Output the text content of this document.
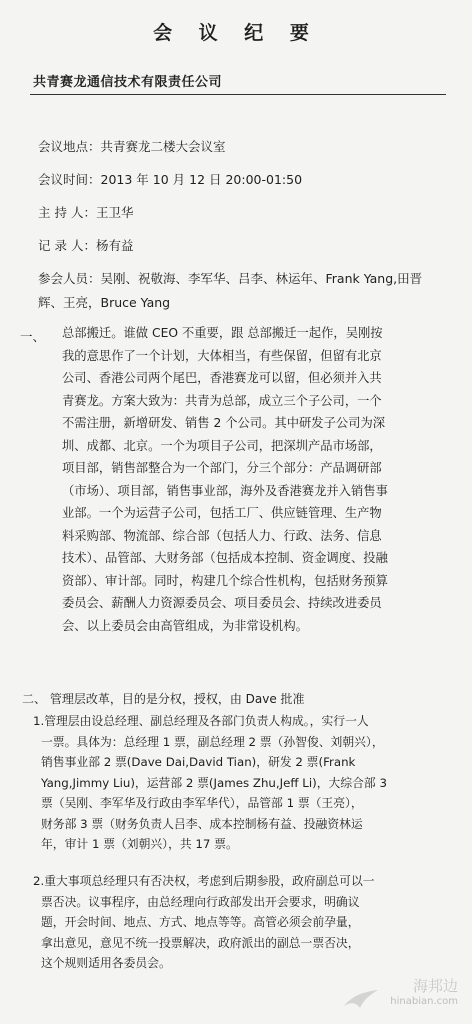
会 议 纪 要
共青赛龙通信技术有限责任公司
会议地点：共青赛龙二楼大会议室
会议时间：2013 年 10 月 12 日 20:00-01:50
主 持 人：王卫华
记 录 人：杨有益
参会人员：吴刚、祝敬海、李军华、吕李、林运年、Frank Yang,田晋
辉、王亮，Bruce Yang
一、 总部搬迁。谁做 CEO 不重要，跟 总部搬迁一起作，吴刚按
我的意思作了一个计划，大体相当，有些保留，但留有北京
公司、香港公司两个尾巴，香港赛龙可以留，但必须并入共
青赛龙。方案大致为：共青为总部，成立三个子公司，一个
不需注册，新增研发、销售 2 个公司。其中研发子公司为深
圳、成都、北京。一个为项目子公司，把深圳产品市场部，
项目部，销售部整合为一个部门，分三个部分：产品调研部
（市场）、项目部，销售事业部，海外及香港赛龙并入销售事
业部。一个为运营子公司，包括工厂、供应链管理、生产物
料采购部、物流部、综合部（包括人力、行政、法务、信息
技术）、品管部、大财务部（包括成本控制、资金调度、投融
资部）、审计部。同时，构建几个综合性机构，包括财务预算
委员会、薪酬人力资源委员会、项目委员会、持续改进委员
会、以上委员会由高管组成，为非常设机构。
二、 管理层改革，目的是分权，授权，由 Dave 批准
1.管理层由设总经理、副总经理及各部门负责人构成。，实行一人
一票。具体为：总经理 1 票，副总经理 2 票（孙智俊、刘朝兴），
销售事业部 2 票(Dave Dai,David Tian)，研发 2 票(Frank
Yang,Jimmy Liu)，运营部 2 票(James Zhu,Jeff Li)，大综合部 3
票（吴刚、李军华及行政由李军华代），品管部 1 票（王亮），
财务部 3 票（财务负责人吕李、成本控制杨有益、投融资林运
年，审计 1 票（刘朝兴），共 17 票。
2.重大事项总经理只有否决权，考虑到后期参股，政府副总可以一
票否决。议事程序，由总经理向行政部发出开会要求，明确议
题，开会时间、地点、方式、地点等等。高管必须会前孕量，
拿出意见，意见不统一投票解决，政府派出的副总一票否决，
这个规则适用各委员会。
海邦边
hinabian.com
